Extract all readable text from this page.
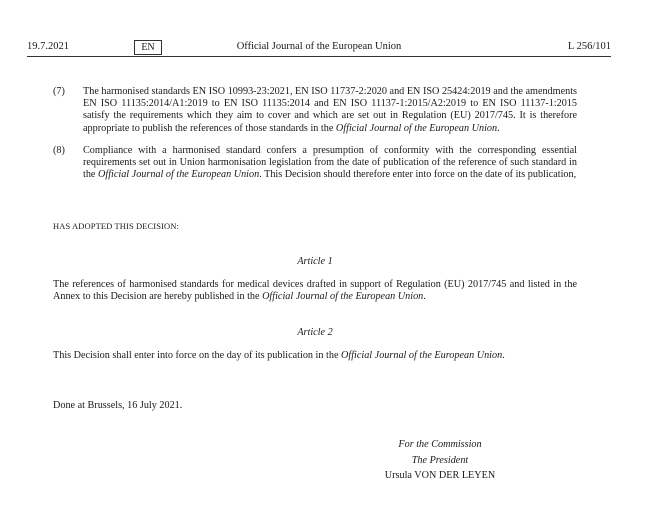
19.7.2021	EN	Official Journal of the European Union	L 256/101
(7)	The harmonised standards EN ISO 10993-23:2021, EN ISO 11737-2:2020 and EN ISO 25424:2019 and the amendments EN ISO 11135:2014/A1:2019 to EN ISO 11135:2014 and EN ISO 11137-1:2015/A2:2019 to EN ISO 11137-1:2015 satisfy the requirements which they aim to cover and which are set out in Regulation (EU) 2017/745. It is therefore appropriate to publish the references of those standards in the Official Journal of the European Union.
(8)	Compliance with a harmonised standard confers a presumption of conformity with the corresponding essential requirements set out in Union harmonisation legislation from the date of publication of the reference of such standard in the Official Journal of the European Union. This Decision should therefore enter into force on the date of its publication,
HAS ADOPTED THIS DECISION:
Article 1
The references of harmonised standards for medical devices drafted in support of Regulation (EU) 2017/745 and listed in the Annex to this Decision are hereby published in the Official Journal of the European Union.
Article 2
This Decision shall enter into force on the day of its publication in the Official Journal of the European Union.
Done at Brussels, 16 July 2021.
For the Commission
The President
Ursula VON DER LEYEN
